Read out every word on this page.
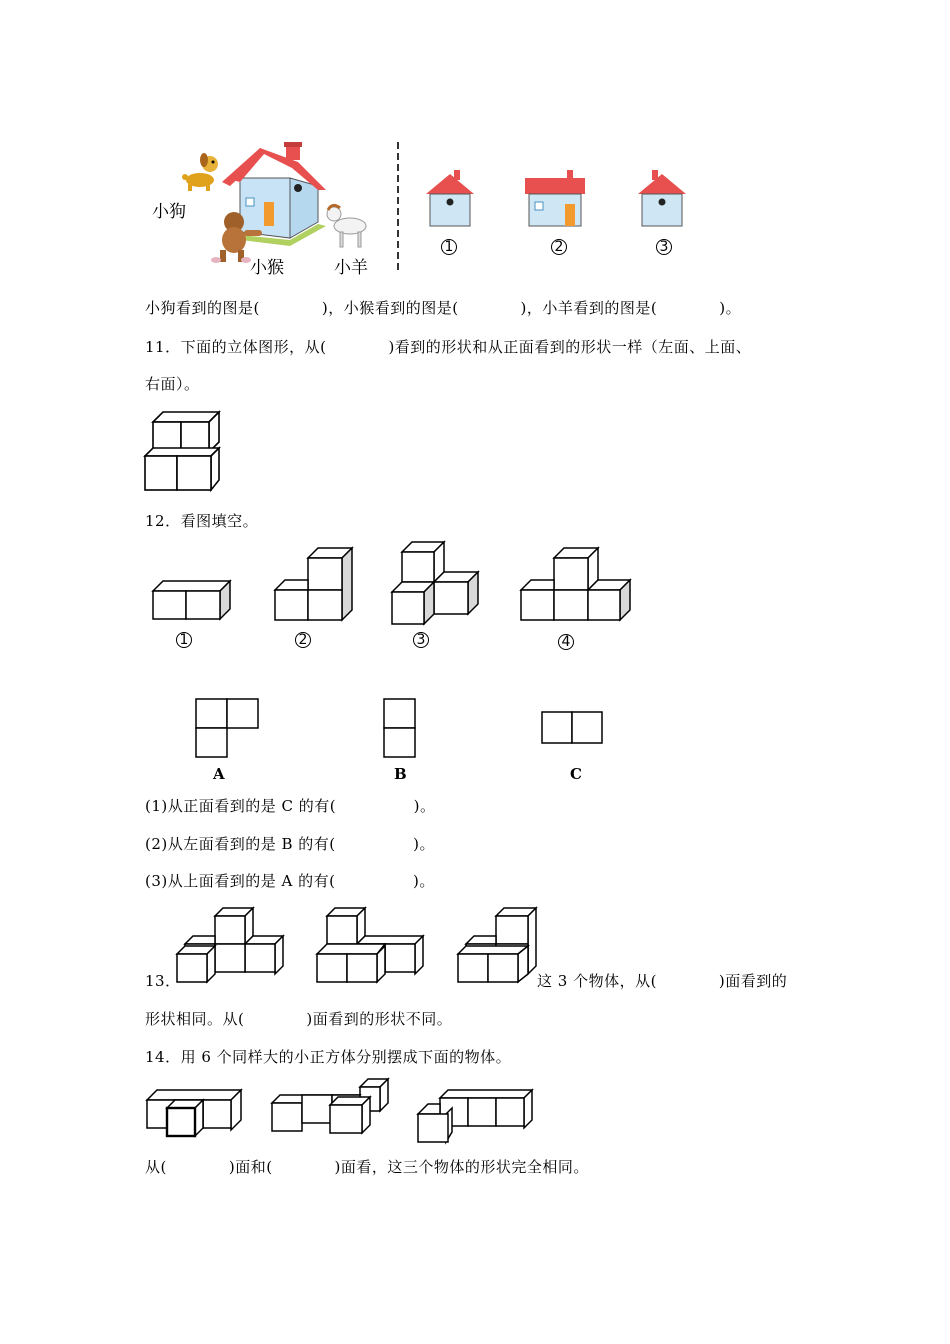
小狗
小猴	小羊
1	2	3
小狗看到的图是(　　　　)，小猴看到的图是(　　　　)，小羊看到的图是(　　　　)。
11．下面的立体图形，从(　　　　)看到的形状和从正面看到的形状一样（左面、上面、
右面）。
12．看图填空。
1	2	3	4
A	B	C
(1)从正面看到的是 C 的有(　　　　　)。
(2)从左面看到的是 B 的有(　　　　　)。
(3)从上面看到的是 A 的有(　　　　　)。
13．	这 3 个物体，从(　　　　)面看到的
形状相同。从(　　　　)面看到的形状不同。
14．用 6 个同样大的小正方体分别摆成下面的物体。
从(　　　　)面和(　　　　)面看，这三个物体的形状完全相同。
